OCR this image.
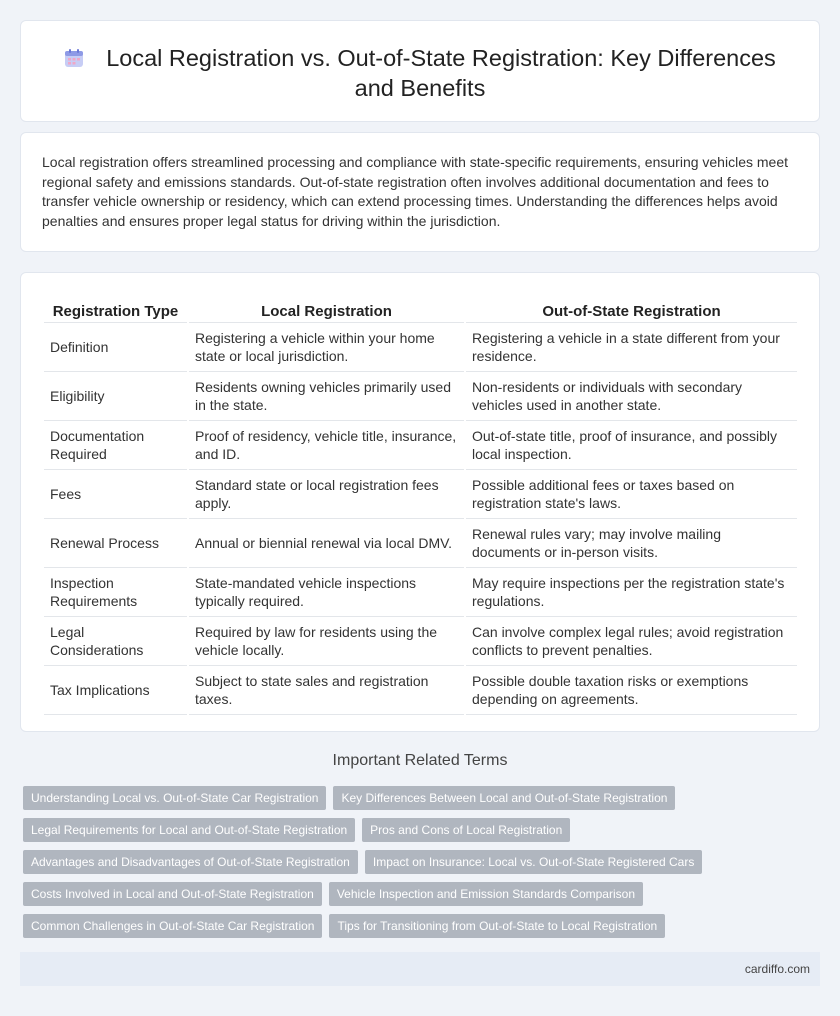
Local Registration vs. Out-of-State Registration: Key Differences and Benefits

Local registration offers streamlined processing and compliance with state-specific requirements, ensuring vehicles meet regional safety and emissions standards. Out-of-state registration often involves additional documentation and fees to transfer vehicle ownership or residency, which can extend processing times. Understanding the differences helps avoid penalties and ensures proper legal status for driving within the jurisdiction.

Registration Type	Local Registration	Out-of-State Registration
Definition	Registering a vehicle within your home state or local jurisdiction.	Registering a vehicle in a state different from your residence.
Eligibility	Residents owning vehicles primarily used in the state.	Non-residents or individuals with secondary vehicles used in another state.
Documentation Required	Proof of residency, vehicle title, insurance, and ID.	Out-of-state title, proof of insurance, and possibly local inspection.
Fees	Standard state or local registration fees apply.	Possible additional fees or taxes based on registration state's laws.
Renewal Process	Annual or biennial renewal via local DMV.	Renewal rules vary; may involve mailing documents or in-person visits.
Inspection Requirements	State-mandated vehicle inspections typically required.	May require inspections per the registration state's regulations.
Legal Considerations	Required by law for residents using the vehicle locally.	Can involve complex legal rules; avoid registration conflicts to prevent penalties.
Tax Implications	Subject to state sales and registration taxes.	Possible double taxation risks or exemptions depending on agreements.
Important Related Terms
Understanding Local vs. Out-of-State Car Registration	Key Differences Between Local and Out-of-State Registration
Legal Requirements for Local and Out-of-State Registration	Pros and Cons of Local Registration
Advantages and Disadvantages of Out-of-State Registration	Impact on Insurance: Local vs. Out-of-State Registered Cars
Costs Involved in Local and Out-of-State Registration	Vehicle Inspection and Emission Standards Comparison
Common Challenges in Out-of-State Car Registration	Tips for Transitioning from Out-of-State to Local Registration
cardiffo.com
